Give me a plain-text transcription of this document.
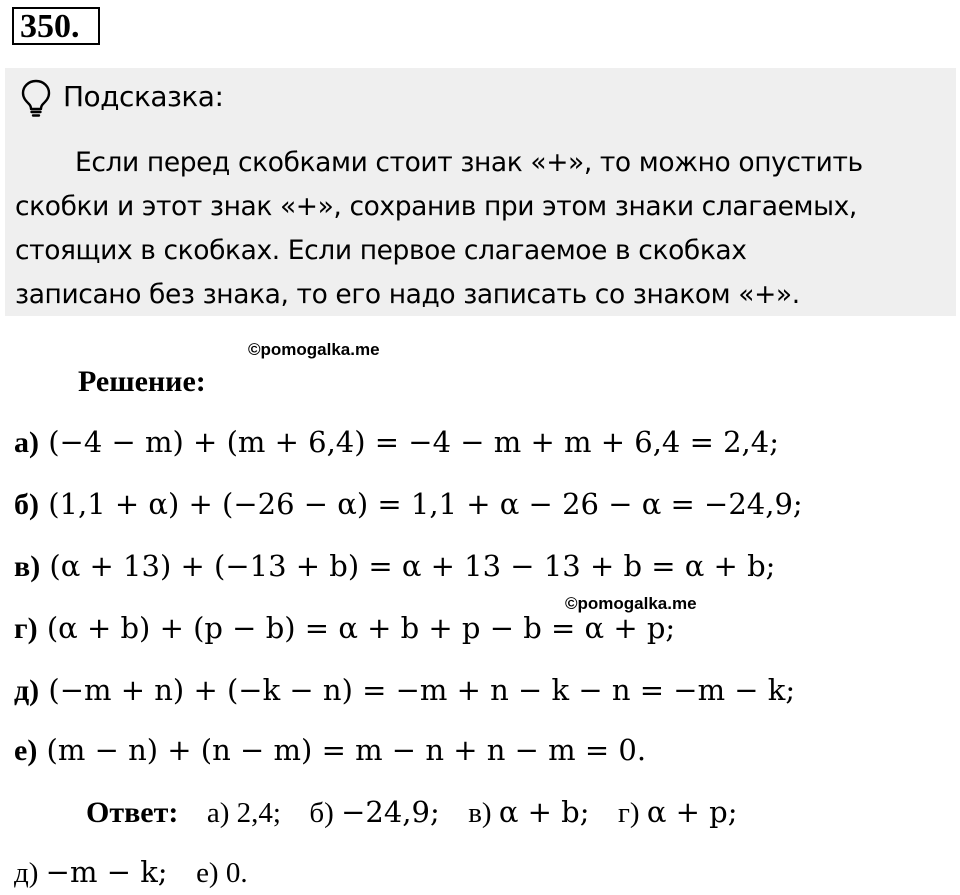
350.
Подсказка:
Если перед скобками стоит знак «+», то можно опустить
скобки и этот знак «+», сохранив при этом знаки слагаемых,
стоящих в скобках. Если первое слагаемое в скобках
записано без знака, то его надо записать со знаком «+».
©pomogalka.me
Решение:
а) (−4 − m) + (m + 6,4) = −4 − m + m + 6,4 = 2,4;
б) (1,1 + α) + (−26 − α) = 1,1 + α − 26 − α = −24,9;
в) (α + 13) + (−13 + b) = α + 13 − 13 + b = α + b;
©pomogalka.me
г) (α + b) + (р − b) = α + b + р − b = α + р;
д) (−m + n) + (−k − n) = −m + n − k − n = −m − k;
е) (m − n) + (n − m) = m − n + n − m = 0.
Ответ: а) 2,4; б) −24,9; в) α + b; г) α + р;
д) −m − k; е) 0.
